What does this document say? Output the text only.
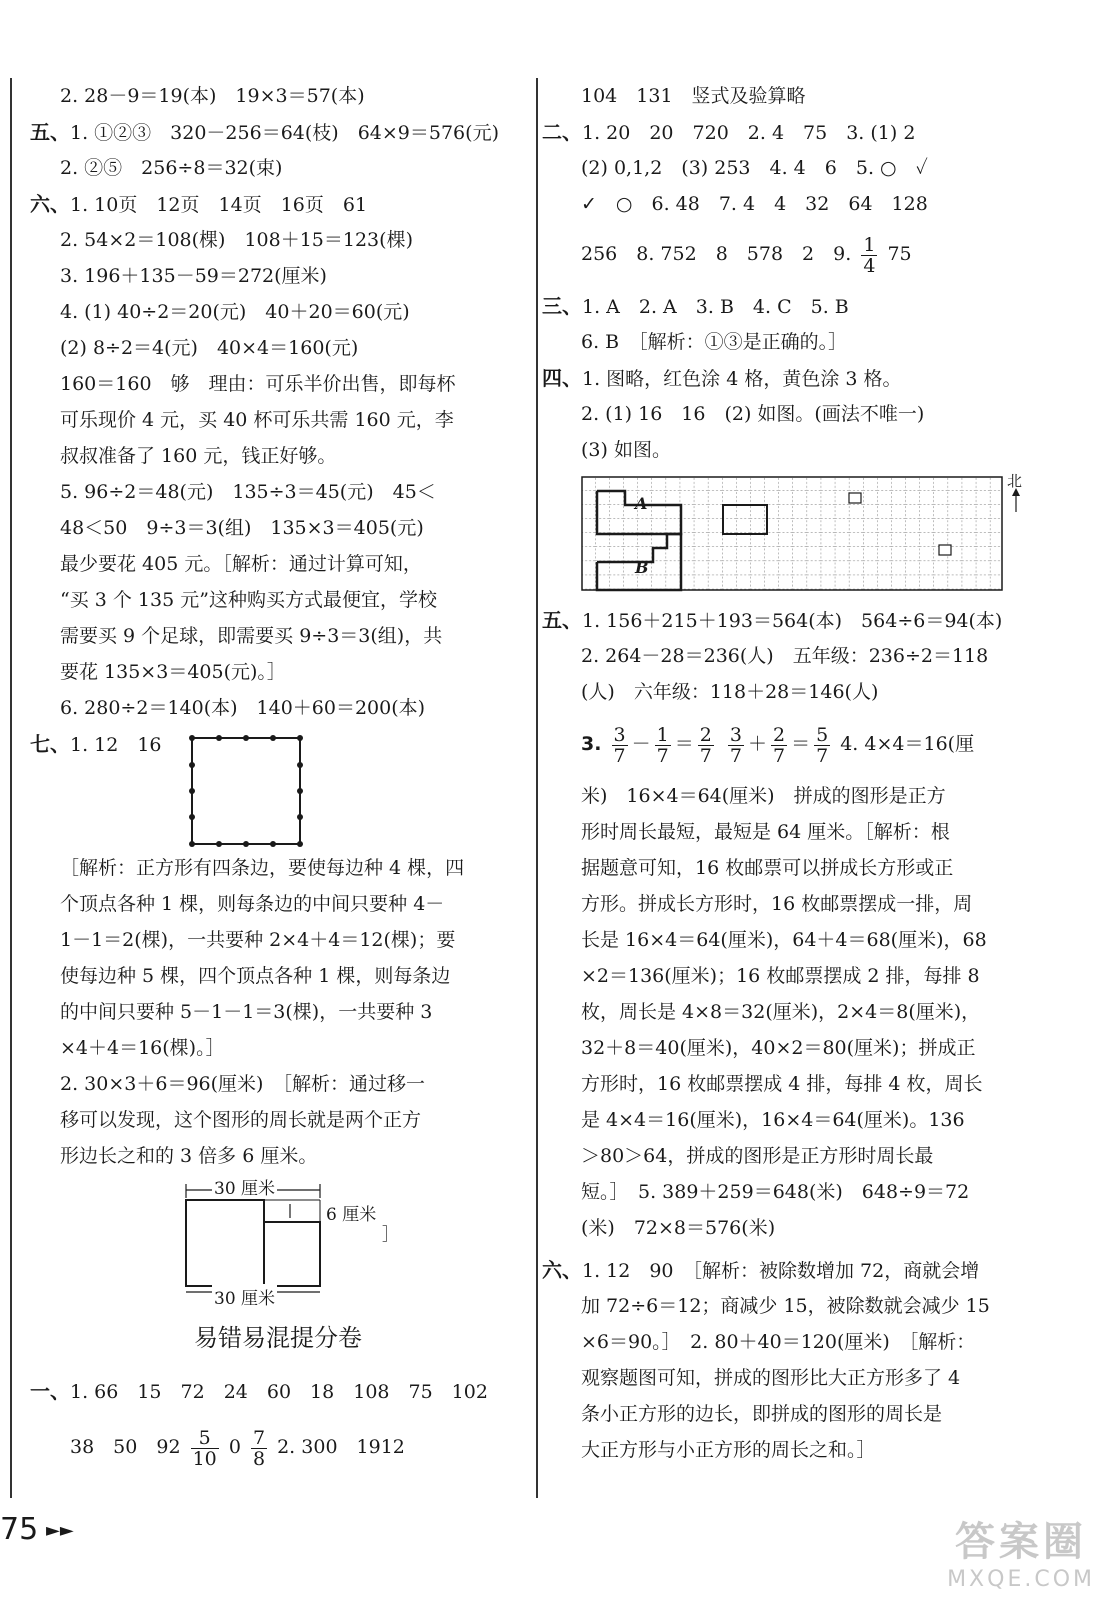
2. 28－9＝19(本)　19×3＝57(本)
五、1. ①②③　320－256＝64(枝)　64×9＝576(元)
2. ②⑤　256÷8＝32(束)
六、1. 10页　12页　14页　16页　61
2. 54×2＝108(棵)　108＋15＝123(棵)
3. 196＋135－59＝272(厘米)
4. (1) 40÷2＝20(元)　40＋20＝60(元)
(2) 8÷2＝4(元)　40×4＝160(元)
160＝160　够　理由：可乐半价出售，即每杯
可乐现价 4 元，买 40 杯可乐共需 160 元，李
叔叔准备了 160 元，钱正好够。
5. 96÷2＝48(元)　135÷3＝45(元)　45＜
48＜50　9÷3＝3(组)　135×3＝405(元)
最少要花 405 元。［解析：通过计算可知，
“买 3 个 135 元”这种购买方式最便宜，学校
需要买 9 个足球，即需要买 9÷3＝3(组)，共
要花 135×3＝405(元)。］
6. 280÷2＝140(本)　140＋60＝200(本)
七、1. 12　16
［解析：正方形有四条边，要使每边种 4 棵，四
个顶点各种 1 棵，则每条边的中间只要种 4－
1－1＝2(棵)，一共要种 2×4＋4＝12(棵)；要
使每边种 5 棵，四个顶点各种 1 棵，则每条边
的中间只要种 5－1－1＝3(棵)，一共要种 3
×4＋4＝16(棵)。］
2. 30×3＋6＝96(厘米)　［解析：通过移一
移可以发现，这个图形的周长就是两个正方
形边长之和的 3 倍多 6 厘米。
30 厘米
6 厘米
］
30 厘米
易错易混提分卷
一、1. 66　15　72　24　60　18　108　75　102
38　50　$92 \frac{5}{10} 0 \frac{7}{8} 2$. 300　1912
104　131　竖式及验算略
二、1. 20　20　720　2. 4　75　3. (1) 2
(2) 0,1,2　(3) 253　4. 4　6　5. ○　✓
✓　○　6. 48　7. 4　4　32　64　128
256　8. 752　8　578　2　9. $\frac{1}{4} 75$
三、1. A　2. A　3. B　4. C　5. B
6. B　［解析：①③是正确的。］
四、1. 图略，红色涂 4 格，黄色涂 3 格。
2. (1) 16　16　(2) 如图。(画法不唯一)
(3) 如图。
A
B
北
五、1. 156＋215＋193＝564(本)　564÷6＝94(本)
2. 264－28＝236(人)　五年级：236÷2＝118
(人)　六年级：118＋28＝146(人)
3. $\frac{3}{7} - \frac{1}{7} = \frac{2}{7}$
$\frac{3}{7} + \frac{2}{7} = \frac{5}{7} 4$. 4×4＝16(厘
米)　16×4＝64(厘米)　拼成的图形是正方
形时周长最短，最短是 64 厘米。［解析：根
据题意可知，16 枚邮票可以拼成长方形或正
方形。拼成长方形时，16 枚邮票摆成一排，周
长是 16×4＝64(厘米)，64＋4＝68(厘米)，68
×2＝136(厘米)；16 枚邮票摆成 2 排，每排 8
枚，周长是 4×8＝32(厘米)，2×4＝8(厘米)，
32＋8＝40(厘米)，40×2＝80(厘米)；拼成正
方形时，16 枚邮票摆成 4 排，每排 4 枚，周长
是 4×4＝16(厘米)，16×4＝64(厘米)。136
＞80＞64，拼成的图形是正方形时周长最
短。］　5. 389＋259＝648(米)　648÷9＝72
(米)　72×8＝576(米)
六、1. 12　90　［解析：被除数增加 72，商就会增
加 72÷6＝12；商减少 15，被除数就会减少 15
×6＝90。］　2. 80＋40＝120(厘米)　［解析：
观察题图可知，拼成的图形比大正方形多了 4
条小正方形的边长，即拼成的图形的周长是
大正方形与小正方形的周长之和。］
75 ►►	答案圈
MXQE.COM
